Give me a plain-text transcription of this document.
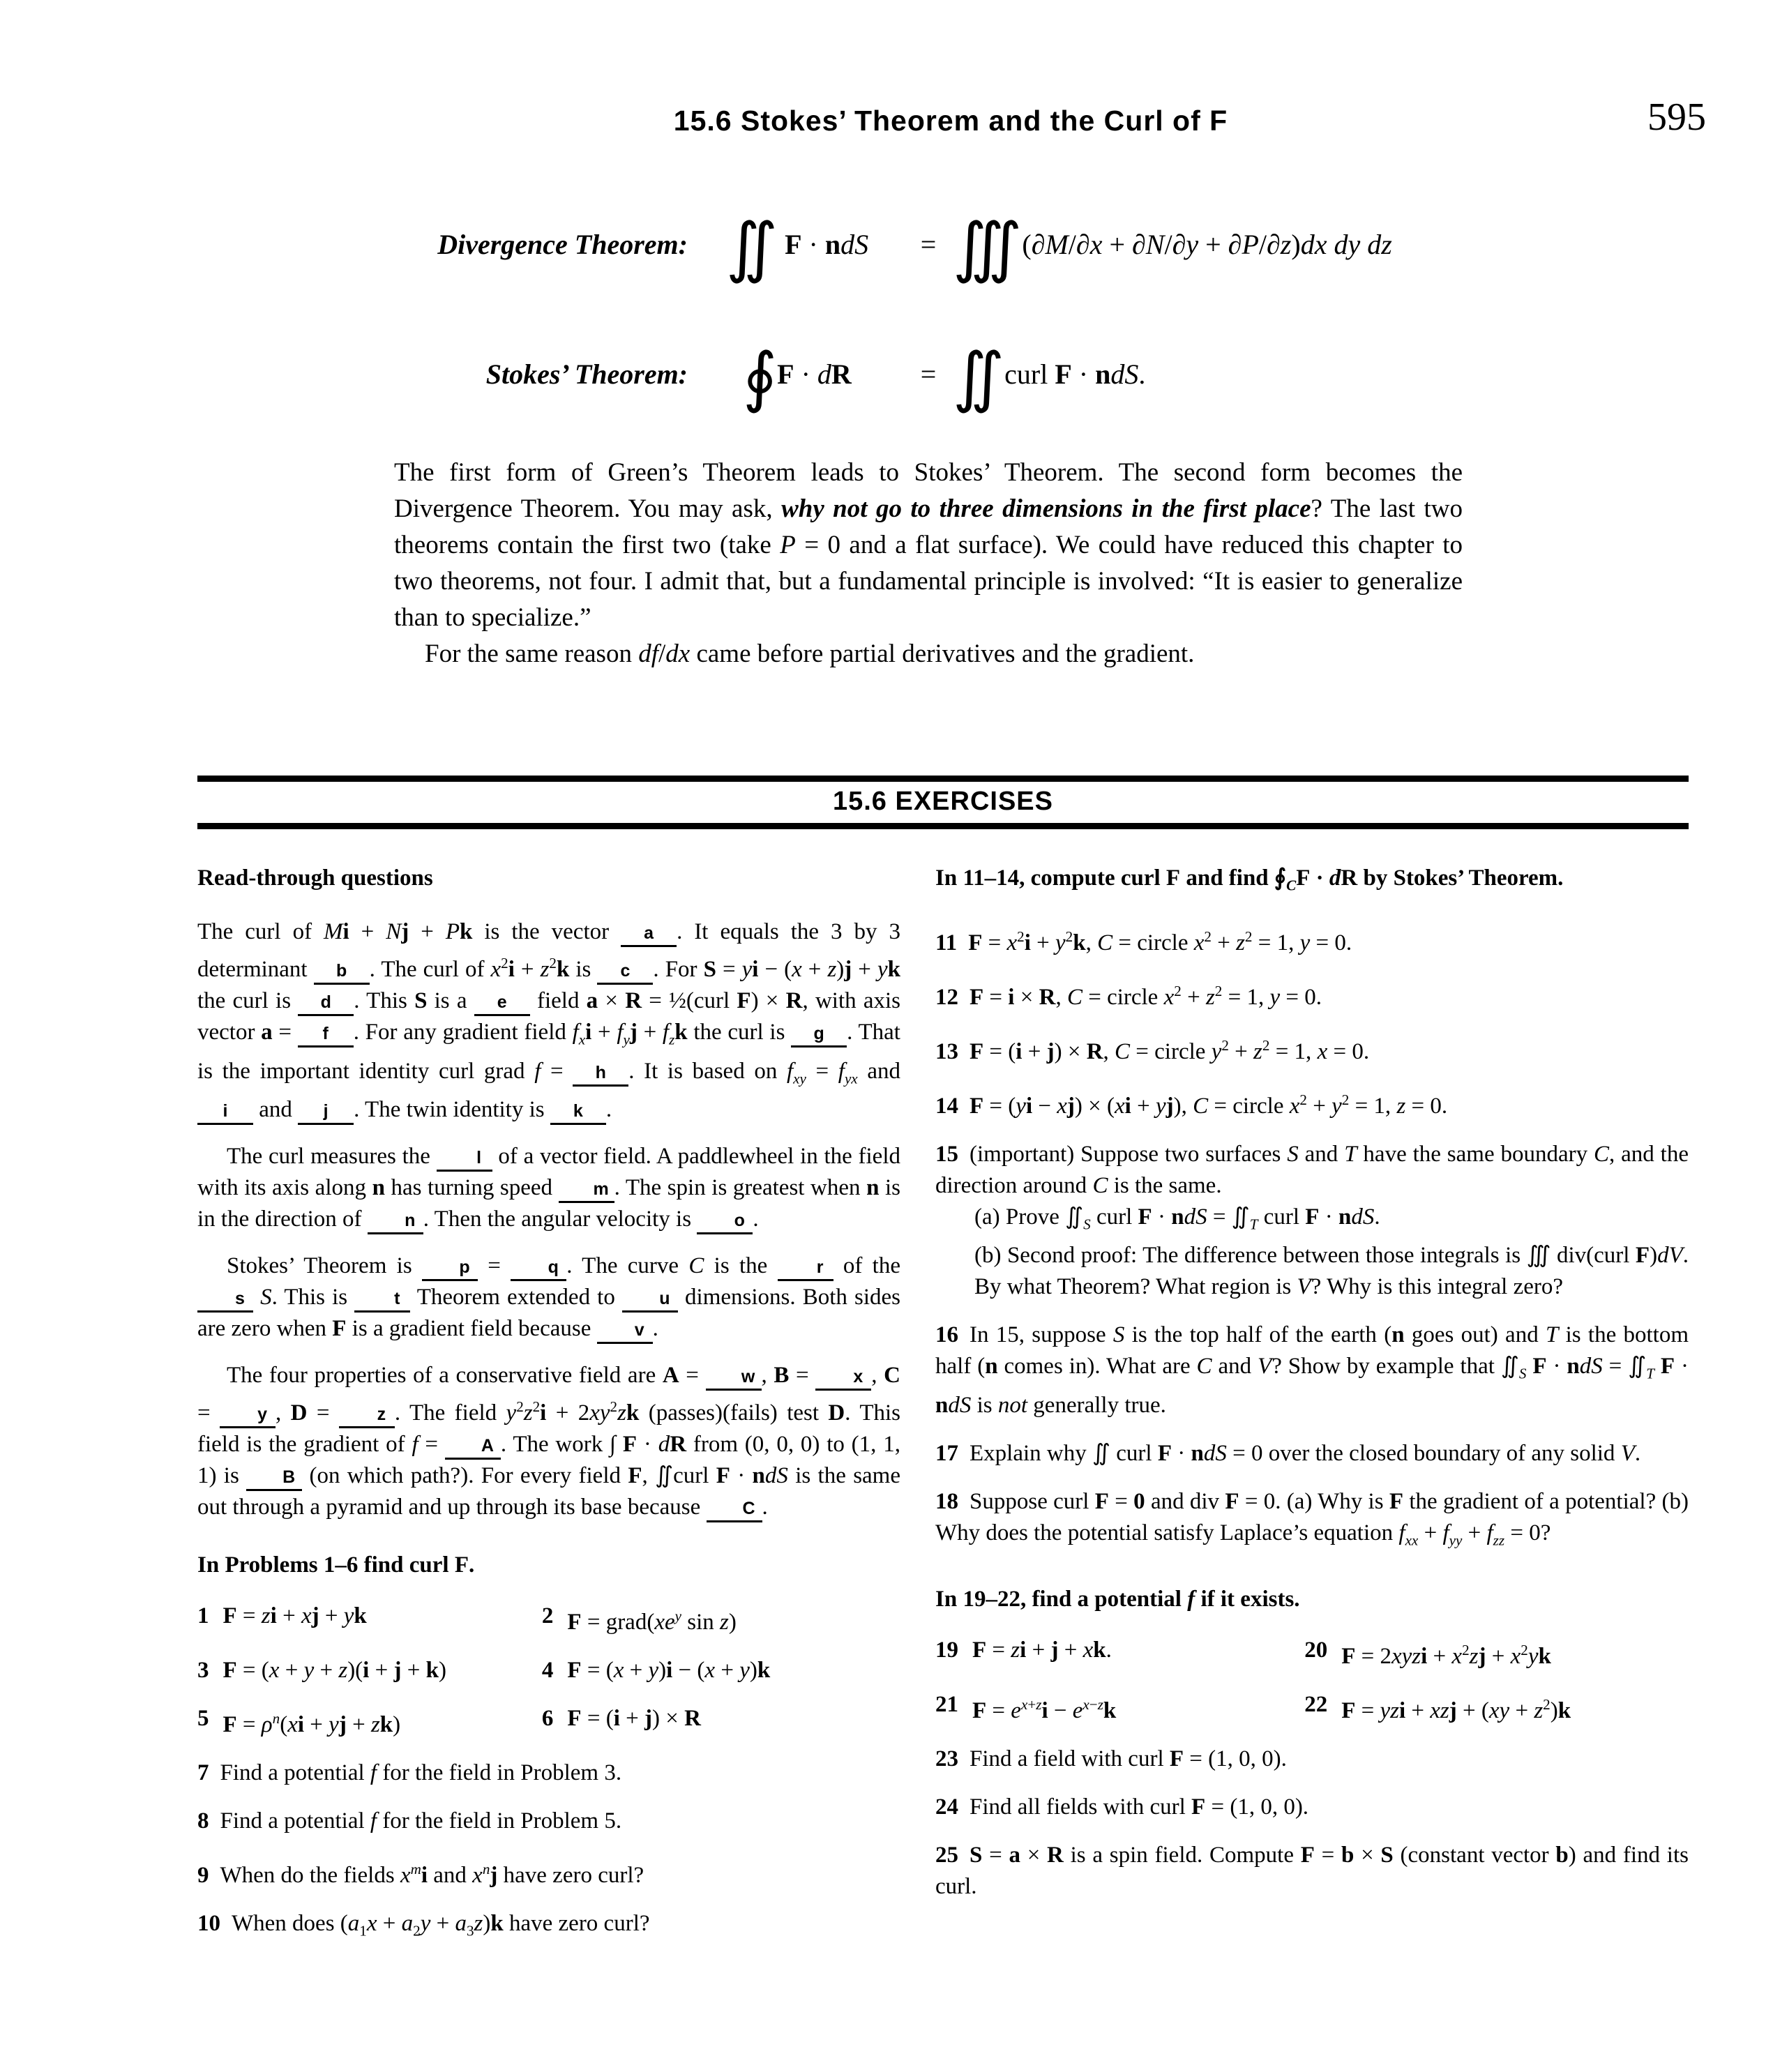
15.6 Stokes’ Theorem and the Curl of F	595
Divergence Theorem: ∬ F · ndS	= ∭(∂M/∂x + ∂N/∂y + ∂P/∂z)dx dy dz
Stokes’ Theorem: ∮F · dR	= ∬curl F · ndS.

The first form of Green’s Theorem leads to Stokes’ Theorem. The second form becomes the Divergence Theorem. You may ask, why not go to three dimensions in the first place? The last two theorems contain the first two (take P = 0 and a flat surface). We could have reduced this chapter to two theorems, not four. I admit that, but a fundamental principle is involved: “It is easier to generalize than to specialize.”

For the same reason df/dx came before partial derivatives and the gradient.

15.6 EXERCISES
Read-through questions

The curl of Mi + Nj + Pk is the vector a . It equals the 3 by 3 determinant b . The curl of $x^2i + z^2k$ is c . For S = yi − (x + z)j + yk the curl is d . This S is a e field a × R = ½(curl F) × R, with axis vector a = f . For any gradient field $f_xi + f_yj + f_zk$ the curl is g . That is the important identity curl grad f = h . It is based on $f_{xy} = f_{yx}$ and i and j . The twin identity is k .

The curl measures the l of a vector field. A paddlewheel in the field with its axis along n has turning speed m . The spin is greatest when n is in the direction of n . Then the angular velocity is o .

Stokes’ Theorem is p = q . The curve C is the r of the s S. This is t Theorem extended to u dimensions. Both sides are zero when F is a gradient field because v .

The four properties of a conservative field are A = w , B = x , C = y , D = z . The field $y^2z^2i + 2xy^2zk$ (passes)(fails) test D. This field is the gradient of f = A . The work ∫ F · dR from (0, 0, 0) to (1, 1, 1) is B (on which path?). For every field F, ∬curl F · ndS is the same out through a pyramid and up through its base because C .

In Problems 1–6 find curl F.
1 F = zi + xj + yk	2 $F = grad(xe^y$ sin z)
3 F = (x + y + z)(i + j + k)	4 F = (x + y)i − (x + y)k
5 $F = \rho^n(xi$ + yj + zk)	6 F = (i + j) × R
7 Find a potential f for the field in Problem 3.
8 Find a potential f for the field in Problem 5.
9 When do the fields $x^mi$ and $x^nj$ have zero curl?
10 When does $(a_1x + a_2y + a_3z)k$ have zero curl?
In 11–14, compute curl F and find $∮_CF$ · dR by Stokes’ Theorem.
11 $F = x^2i + y^2k$, C = circle $x^2 + z^2 = 1$, y = 0.
12 F = i × R, C = circle $x^2 + z^2 = 1$, y = 0.
13 F = (i + j) × R, C = circle $y^2 + z^2 = 1$, x = 0.
14 F = (yi − xj) × (xi + yj), C = circle $x^2 + y^2 = 1$, z = 0.
15 (important) Suppose two surfaces S and T have the same boundary C, and the direction around C is the same.
(a) Prove $∬_S$ curl F · ndS = $∬_T$ curl F · ndS.
(b) Second proof: The difference between those integrals is ∭ div(curl F)dV. By what Theorem? What region is V? Why is this integral zero?
16 In 15, suppose S is the top half of the earth (n goes out) and T is the bottom half (n comes in). What are C and V? Show by example that $∬_S$ F · ndS = $∬_T$ F · ndS is not generally true.
17 Explain why ∬ curl F · ndS = 0 over the closed boundary of any solid V.
18 Suppose curl F = 0 and div F = 0. (a) Why is F the gradient of a potential? (b) Why does the potential satisfy Laplace’s equation $f_{xx} + f_{yy} + f_{zz} = 0$?
In 19–22, find a potential f if it exists.
19 F = zi + j + xk.	20 F = 2xyzi + $x^2zj + x^2yk$
21 $F = e^{x+z}i - e^{x-z}k$	22 F = yzi + xzj + $(xy + z^2)k$
23 Find a field with curl F = (1, 0, 0).
24 Find all fields with curl F = (1, 0, 0).
25 S = a × R is a spin field. Compute F = b × S (constant vector b) and find its curl.
